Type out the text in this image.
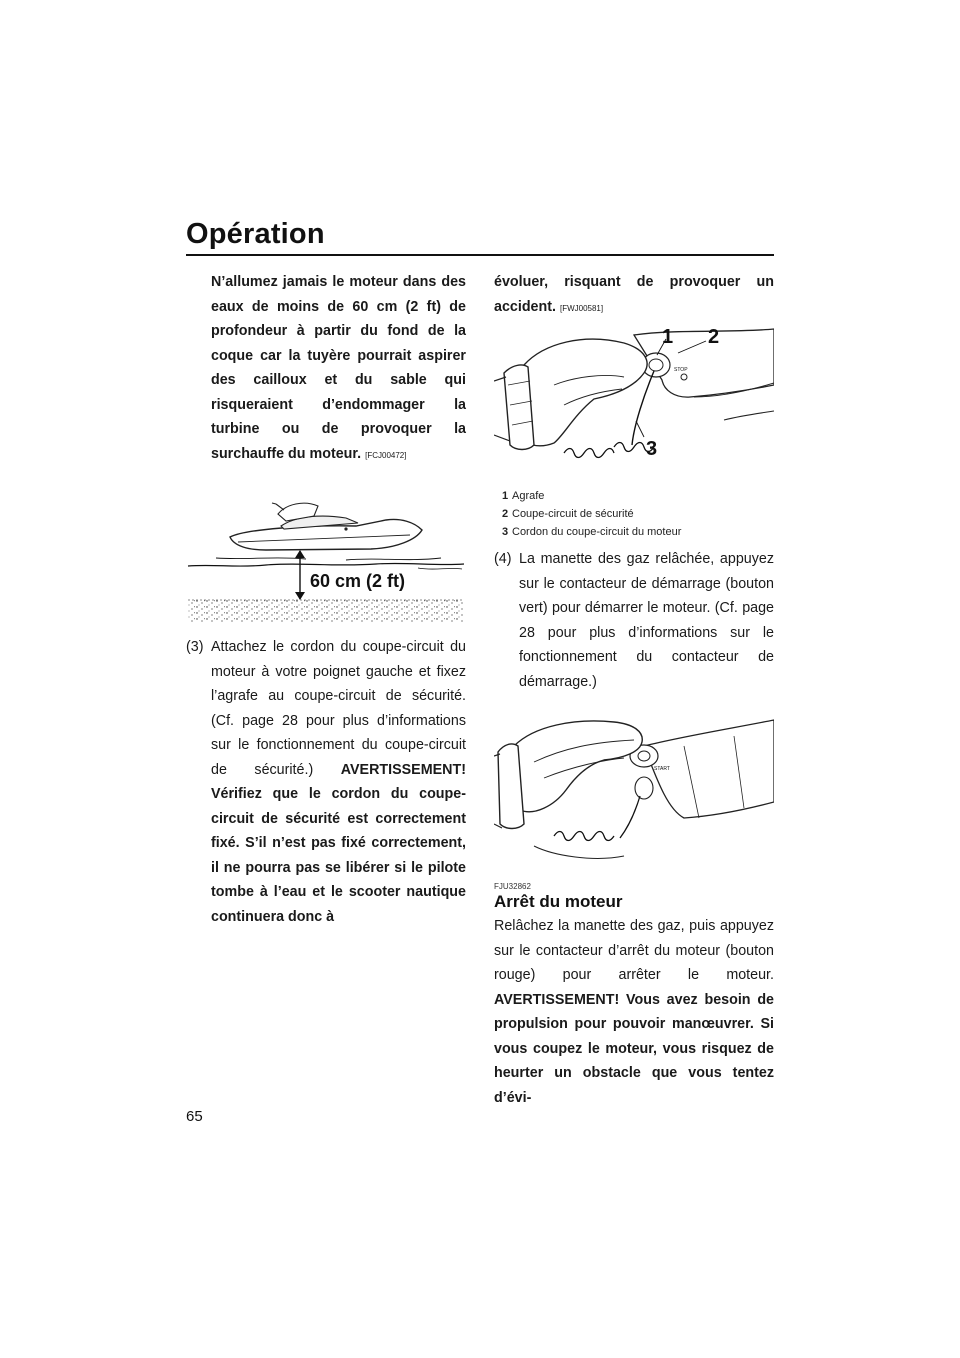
Opération

N’allumez jamais le moteur dans des eaux de moins de 60 cm (2 ft) de profondeur à partir du fond de la coque car la tuyère pourrait aspirer des cailloux et du sable qui risqueraient d’endommager la turbine ou de provoquer la surchauffe du moteur. [FCJ00472]

60 cm (2 ft)
(3) Attachez le cordon du coupe-circuit du moteur à votre poignet gauche et fixez l’agrafe au coupe-circuit de sécurité. (Cf. page 28 pour plus d’informations sur le fonctionnement du coupe-circuit de sécurité.) AVERTISSEMENT! Vérifiez que le cordon du coupe-circuit de sécurité est correctement fixé. S’il n’est pas fixé correctement, il ne pourra pas se libérer si le pilote tombe à l’eau et le scooter nautique continuera donc à

évoluer, risquant de provoquer un accident. [FWJ00581]

STOP
1 2
3
1 Agrafe
2 Coupe-circuit de sécurité
3 Cordon du coupe-circuit du moteur
(4) La manette des gaz relâchée, appuyez sur le contacteur de démarrage (bouton vert) pour démarrer le moteur. (Cf. page 28 pour plus d’informations sur le fonctionnement du contacteur de démarrage.)

START
FJU32862
Arrêt du moteur

Relâchez la manette des gaz, puis appuyez sur le contacteur d’arrêt du moteur (bouton rouge) pour arrêter le moteur. AVERTISSEMENT! Vous avez besoin de propulsion pour pouvoir manœuvrer. Si vous coupez le moteur, vous risquez de heurter un obstacle que vous tentez d’évi-

65
